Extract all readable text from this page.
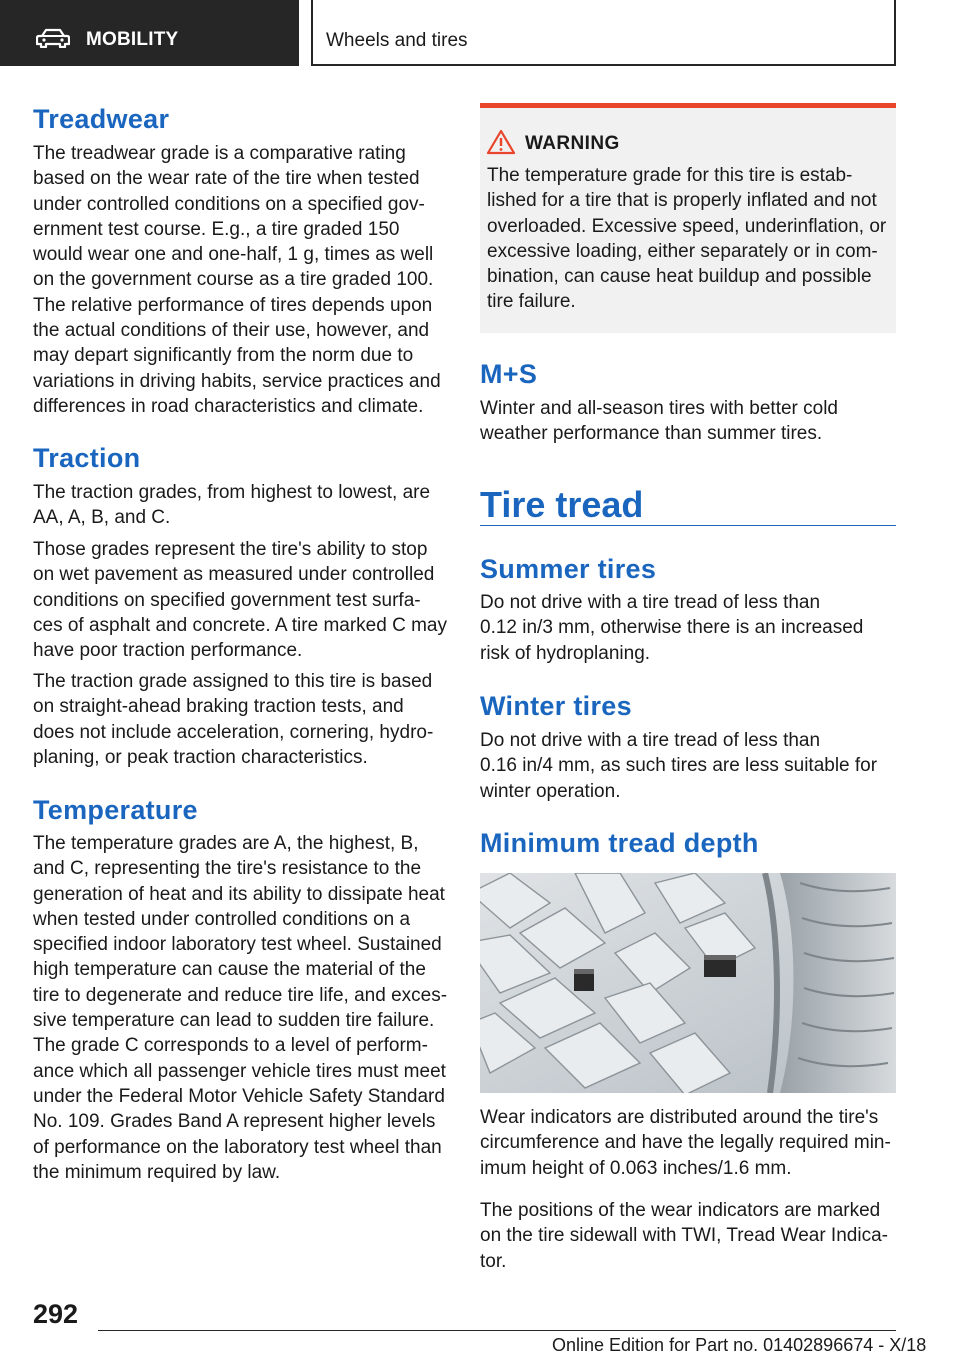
MOBILITY	Wheels and tires
Treadwear
The treadwear grade is a comparative rating
based on the wear rate of the tire when tested
under controlled conditions on a specified gov-
ernment test course. E.g., a tire graded 150
would wear one and one-half, 1 g, times as well
on the government course as a tire graded 100.
The relative performance of tires depends upon
the actual conditions of their use, however, and
may depart significantly from the norm due to
variations in driving habits, service practices and
differences in road characteristics and climate.
Traction
The traction grades, from highest to lowest, are
AA, A, B, and C.
Those grades represent the tire's ability to stop
on wet pavement as measured under controlled
conditions on specified government test surfa-
ces of asphalt and concrete. A tire marked C may
have poor traction performance.
The traction grade assigned to this tire is based
on straight-ahead braking traction tests, and
does not include acceleration, cornering, hydro-
planing, or peak traction characteristics.
Temperature
The temperature grades are A, the highest, B,
and C, representing the tire's resistance to the
generation of heat and its ability to dissipate heat
when tested under controlled conditions on a
specified indoor laboratory test wheel. Sustained
high temperature can cause the material of the
tire to degenerate and reduce tire life, and exces-
sive temperature can lead to sudden tire failure.
The grade C corresponds to a level of perform-
ance which all passenger vehicle tires must meet
under the Federal Motor Vehicle Safety Standard
No. 109. Grades Band A represent higher levels
of performance on the laboratory test wheel than
the minimum required by law.
WARNING
The temperature grade for this tire is estab-
lished for a tire that is properly inflated and not
overloaded. Excessive speed, underinflation, or
excessive loading, either separately or in com-
bination, can cause heat buildup and possible
tire failure.
M+S
Winter and all-season tires with better cold
weather performance than summer tires.
Tire tread
Summer tires
Do not drive with a tire tread of less than
0.12 in/3 mm, otherwise there is an increased
risk of hydroplaning.
Winter tires
Do not drive with a tire tread of less than
0.16 in/4 mm, as such tires are less suitable for
winter operation.
Minimum tread depth
Wear indicators are distributed around the tire's
circumference and have the legally required min-
imum height of 0.063 inches/1.6 mm.
The positions of the wear indicators are marked
on the tire sidewall with TWI, Tread Wear Indica-
tor.
292
Online Edition for Part no. 01402896674 - X/18
